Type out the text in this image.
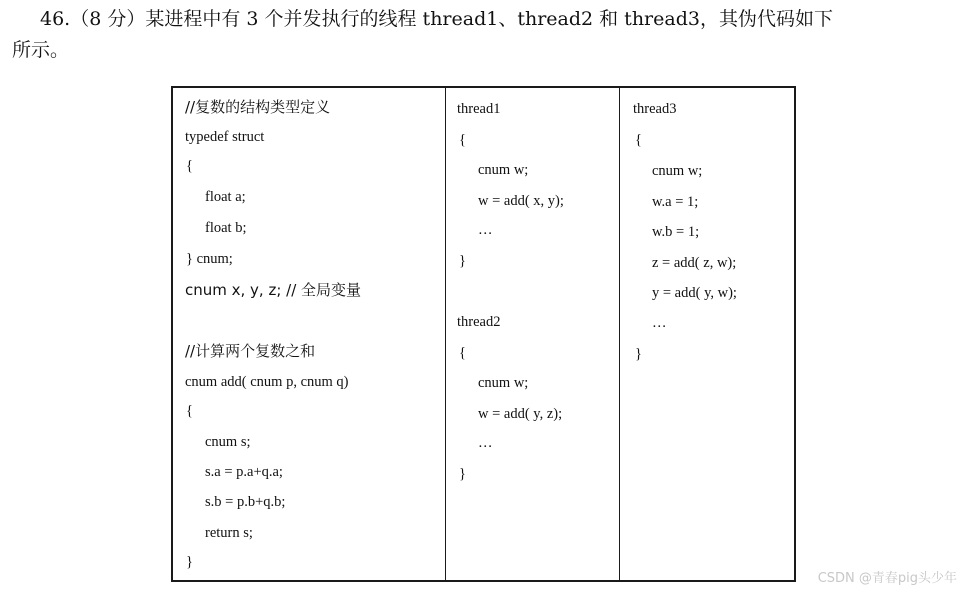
46.（8 分）某进程中有 3 个并发执行的线程 thread1、thread2 和 thread3，其伪代码如下
所示。
//复数的结构类型定义
typedef struct
{
float a;
float b;
} cnum;
cnum x, y, z; // 全局变量
//计算两个复数之和
cnum add( cnum p, cnum q)
{
cnum s;
s.a = p.a+q.a;
s.b = p.b+q.b;
return s;
}
thread1
{
cnum w;
w = add( x, y);
…
}
thread2
{
cnum w;
w = add( y, z);
…
}
thread3
{
cnum w;
w.a = 1;
w.b = 1;
z = add( z, w);
y = add( y, w);
…
}
CSDN @青春pig头少年
